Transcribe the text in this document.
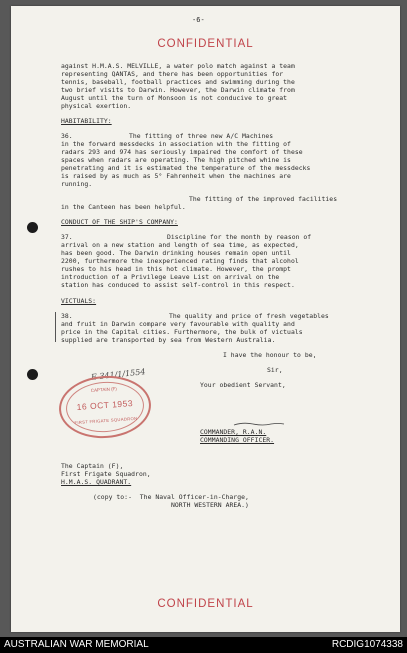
-6-
CONFIDENTIAL
against H.M.A.S. MELVILLE, a water polo match against a team
representing QANTAS, and there has been opportunities for
tennis, baseball, football practices and swimming during the
two brief visits to Darwin. However, the Darwin climate from
August until the turn of Monsoon is not conducive to great
physical exertion.
HABITABILITY:
36.	The fitting of three new A/C Machines
in the forward messdecks in association with the fitting of
radars 293 and 974 has seriously impaired the comfort of these
spaces when radars are operating. The high pitched whine is
penetrating and it is estimated the temperature of the messdecks
is raised by as much as 5° Fahrenheit when the machines are
running.
The fitting of the improved facilities
in the Canteen has been helpful.
CONDUCT OF THE SHIP'S COMPANY:
37.	Discipline for the month by reason of
arrival on a new station and length of sea time, as expected,
has been good. The Darwin drinking houses remain open until
2200, furthermore the inexperienced rating finds that alcohol
rushes to his head in this hot climate. However, the prompt
introduction of a Privilege Leave List on arrival on the
station has conduced to assist self-control in this respect.
VICTUALS:
38.	The quality and price of fresh vegetables
and fruit in Darwin compare very favourable with quality and
price in the Capital cities. Furthermore, the bulk of victuals
supplied are transported by sea from Western Australia.
I have the honour to be,
Sir,
Your obedient Servant,
COMMANDER, R.A.N.
COMMANDING OFFICER.
E 341/1/1554
CAPTAIN (F)
16 OCT 1953
FIRST FRIGATE SQUADRON
The Captain (F),
First Frigate Squadron,
H.M.A.S. QUADRANT.
(copy to:-  The Naval Officer-in-Charge,
NORTH WESTERN AREA.)
CONFIDENTIAL
AUSTRALIAN WAR MEMORIAL	RCDIG1074338
